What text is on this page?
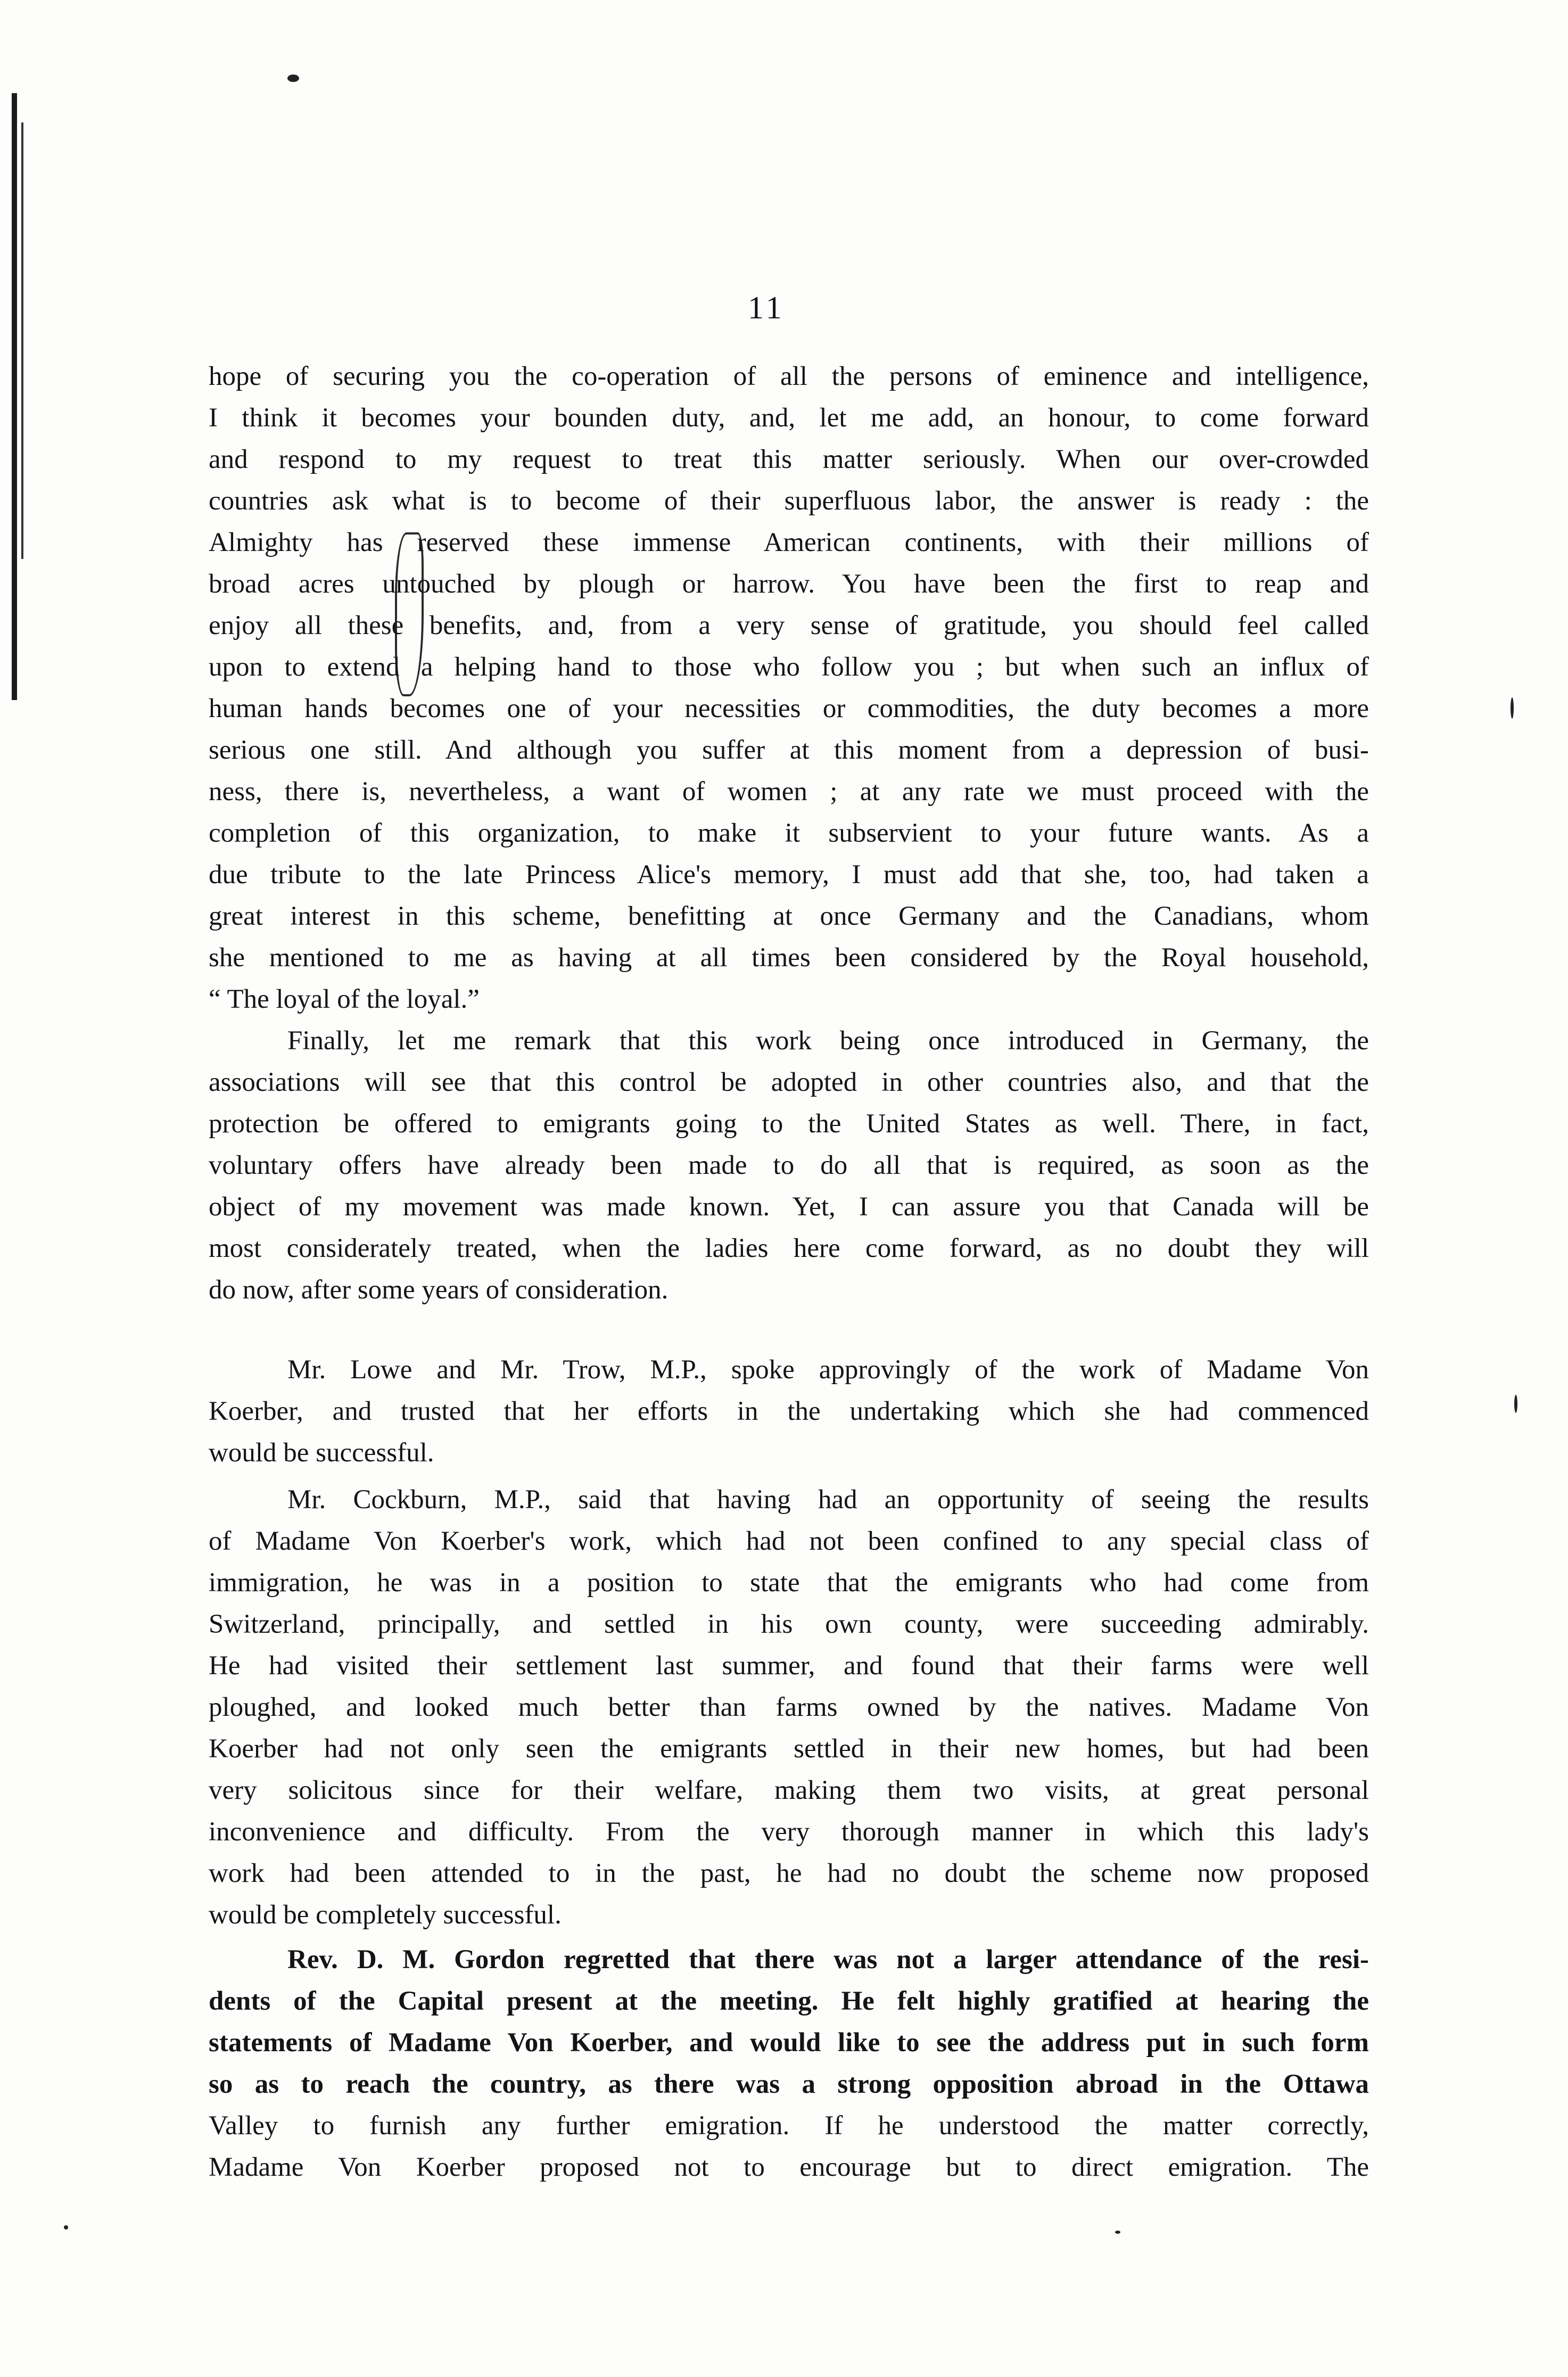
11
hope of securing you the co-operation of all the persons of eminence and intelligence,
I think it becomes your bounden duty, and, let me add, an honour, to come forward
and respond to my request to treat this matter seriously. When our over-crowded
countries ask what is to become of their superfluous labor, the answer is ready : the
Almighty has reserved these immense American continents, with their millions of
broad acres untouched by plough or harrow. You have been the first to reap and
enjoy all these benefits, and, from a very sense of gratitude, you should feel called
upon to extend a helping hand to those who follow you ; but when such an influx of
human hands becomes one of your necessities or commodities, the duty becomes a more
serious one still. And although you suffer at this moment from a depression of busi-
ness, there is, nevertheless, a want of women ; at any rate we must proceed with the
completion of this organization, to make it subservient to your future wants. As a
due tribute to the late Princess Alice's memory, I must add that she, too, had taken a
great interest in this scheme, benefitting at once Germany and the Canadians, whom
she mentioned to me as having at all times been considered by the Royal household,
“ The loyal of the loyal.”
Finally, let me remark that this work being once introduced in Germany, the
associations will see that this control be adopted in other countries also, and that the
protection be offered to emigrants going to the United States as well. There, in fact,
voluntary offers have already been made to do all that is required, as soon as the
object of my movement was made known. Yet, I can assure you that Canada will be
most considerately treated, when the ladies here come forward, as no doubt they will
do now, after some years of consideration.
Mr. Lowe and Mr. Trow, M.P., spoke approvingly of the work of Madame Von
Koerber, and trusted that her efforts in the undertaking which she had commenced
would be successful.
Mr. Cockburn, M.P., said that having had an opportunity of seeing the results
of Madame Von Koerber's work, which had not been confined to any special class of
immigration, he was in a position to state that the emigrants who had come from
Switzerland, principally, and settled in his own county, were succeeding admirably.
He had visited their settlement last summer, and found that their farms were well
ploughed, and looked much better than farms owned by the natives. Madame Von
Koerber had not only seen the emigrants settled in their new homes, but had been
very solicitous since for their welfare, making them two visits, at great personal
inconvenience and difficulty. From the very thorough manner in which this lady's
work had been attended to in the past, he had no doubt the scheme now proposed
would be completely successful.
Rev. D. M. Gordon regretted that there was not a larger attendance of the resi-
dents of the Capital present at the meeting. He felt highly gratified at hearing the
statements of Madame Von Koerber, and would like to see the address put in such form
so as to reach the country, as there was a strong opposition abroad in the Ottawa
Valley to furnish any further emigration. If he understood the matter correctly,
Madame Von Koerber proposed not to encourage but to direct emigration. The
